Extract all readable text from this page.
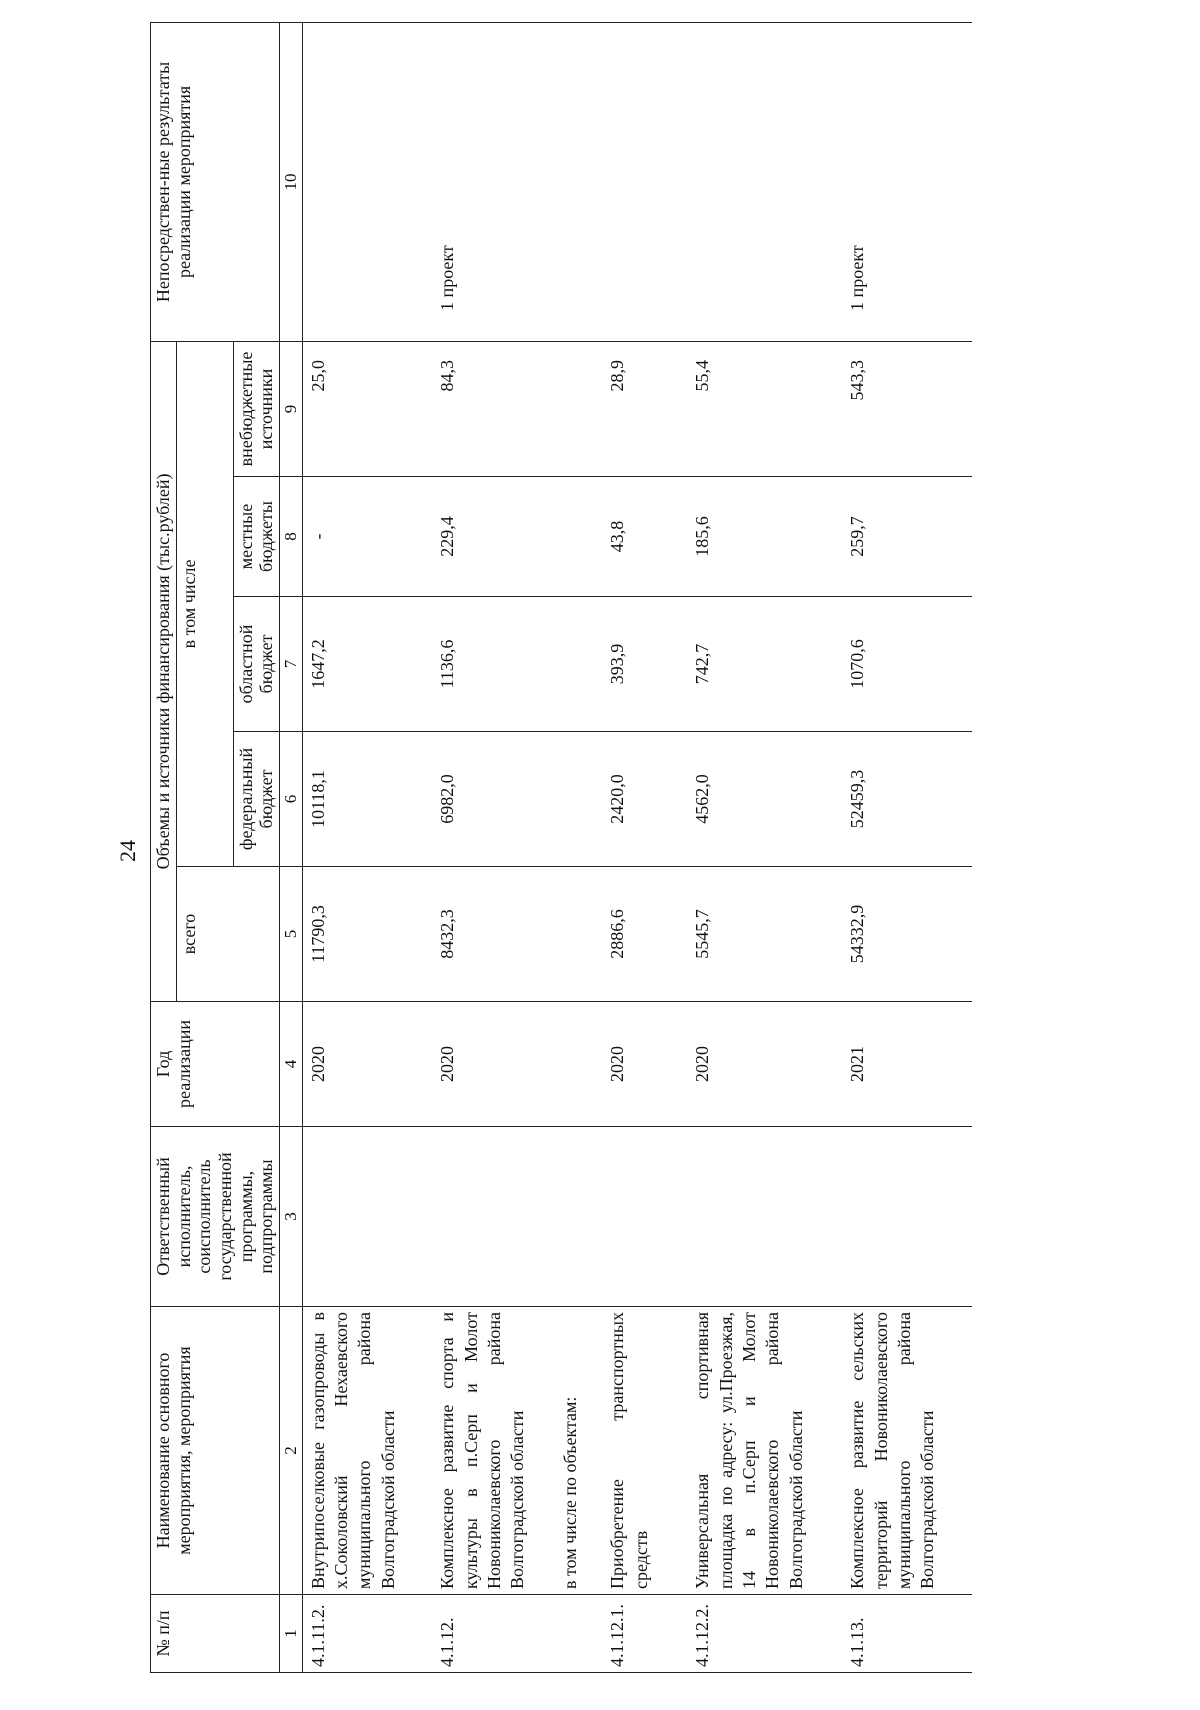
24
№ п/п	Наименование основного мероприятия, мероприятия	Ответственный исполнитель, соисполнитель государственной программы, подпрограммы	Год реализации	Объемы и источники финансирования (тыс.рублей)					Непосредствен-ные результаты реализации мероприятия
				всего	в том числе				
					федеральный бюджет	областной бюджет	местные бюджеты	внебюджетные источники	
1	2	3	4	5	6	7	8	9	10
4.1.11.2.	Внутрипоселковые газопроводы в х.Соколовский Нехаевского муниципального района Волгоградской области		2020	11790,3	10118,1	1647,2	-	25,0	
4.1.12.	Комплексное развитие спорта и культуры в п.Серп и Молот Новониколаевского района Волгоградской области		2020	8432,3	6982,0	1136,6	229,4	84,3	1 проект
	в том числе по объектам:								
4.1.12.1.	Приобретение транспортных средств		2020	2886,6	2420,0	393,9	43,8	28,9	
4.1.12.2.	Универсальная спортивная площадка по адресу: ул.Проезжая, 14 в п.Серп и Молот Новониколаевского района Волгоградской области		2020	5545,7	4562,0	742,7	185,6	55,4	
4.1.13.	Комплексное развитие сельских территорий Новониколаевского муниципального района Волгоградской области		2021	54332,9	52459,3	1070,6	259,7	543,3	1 проект
